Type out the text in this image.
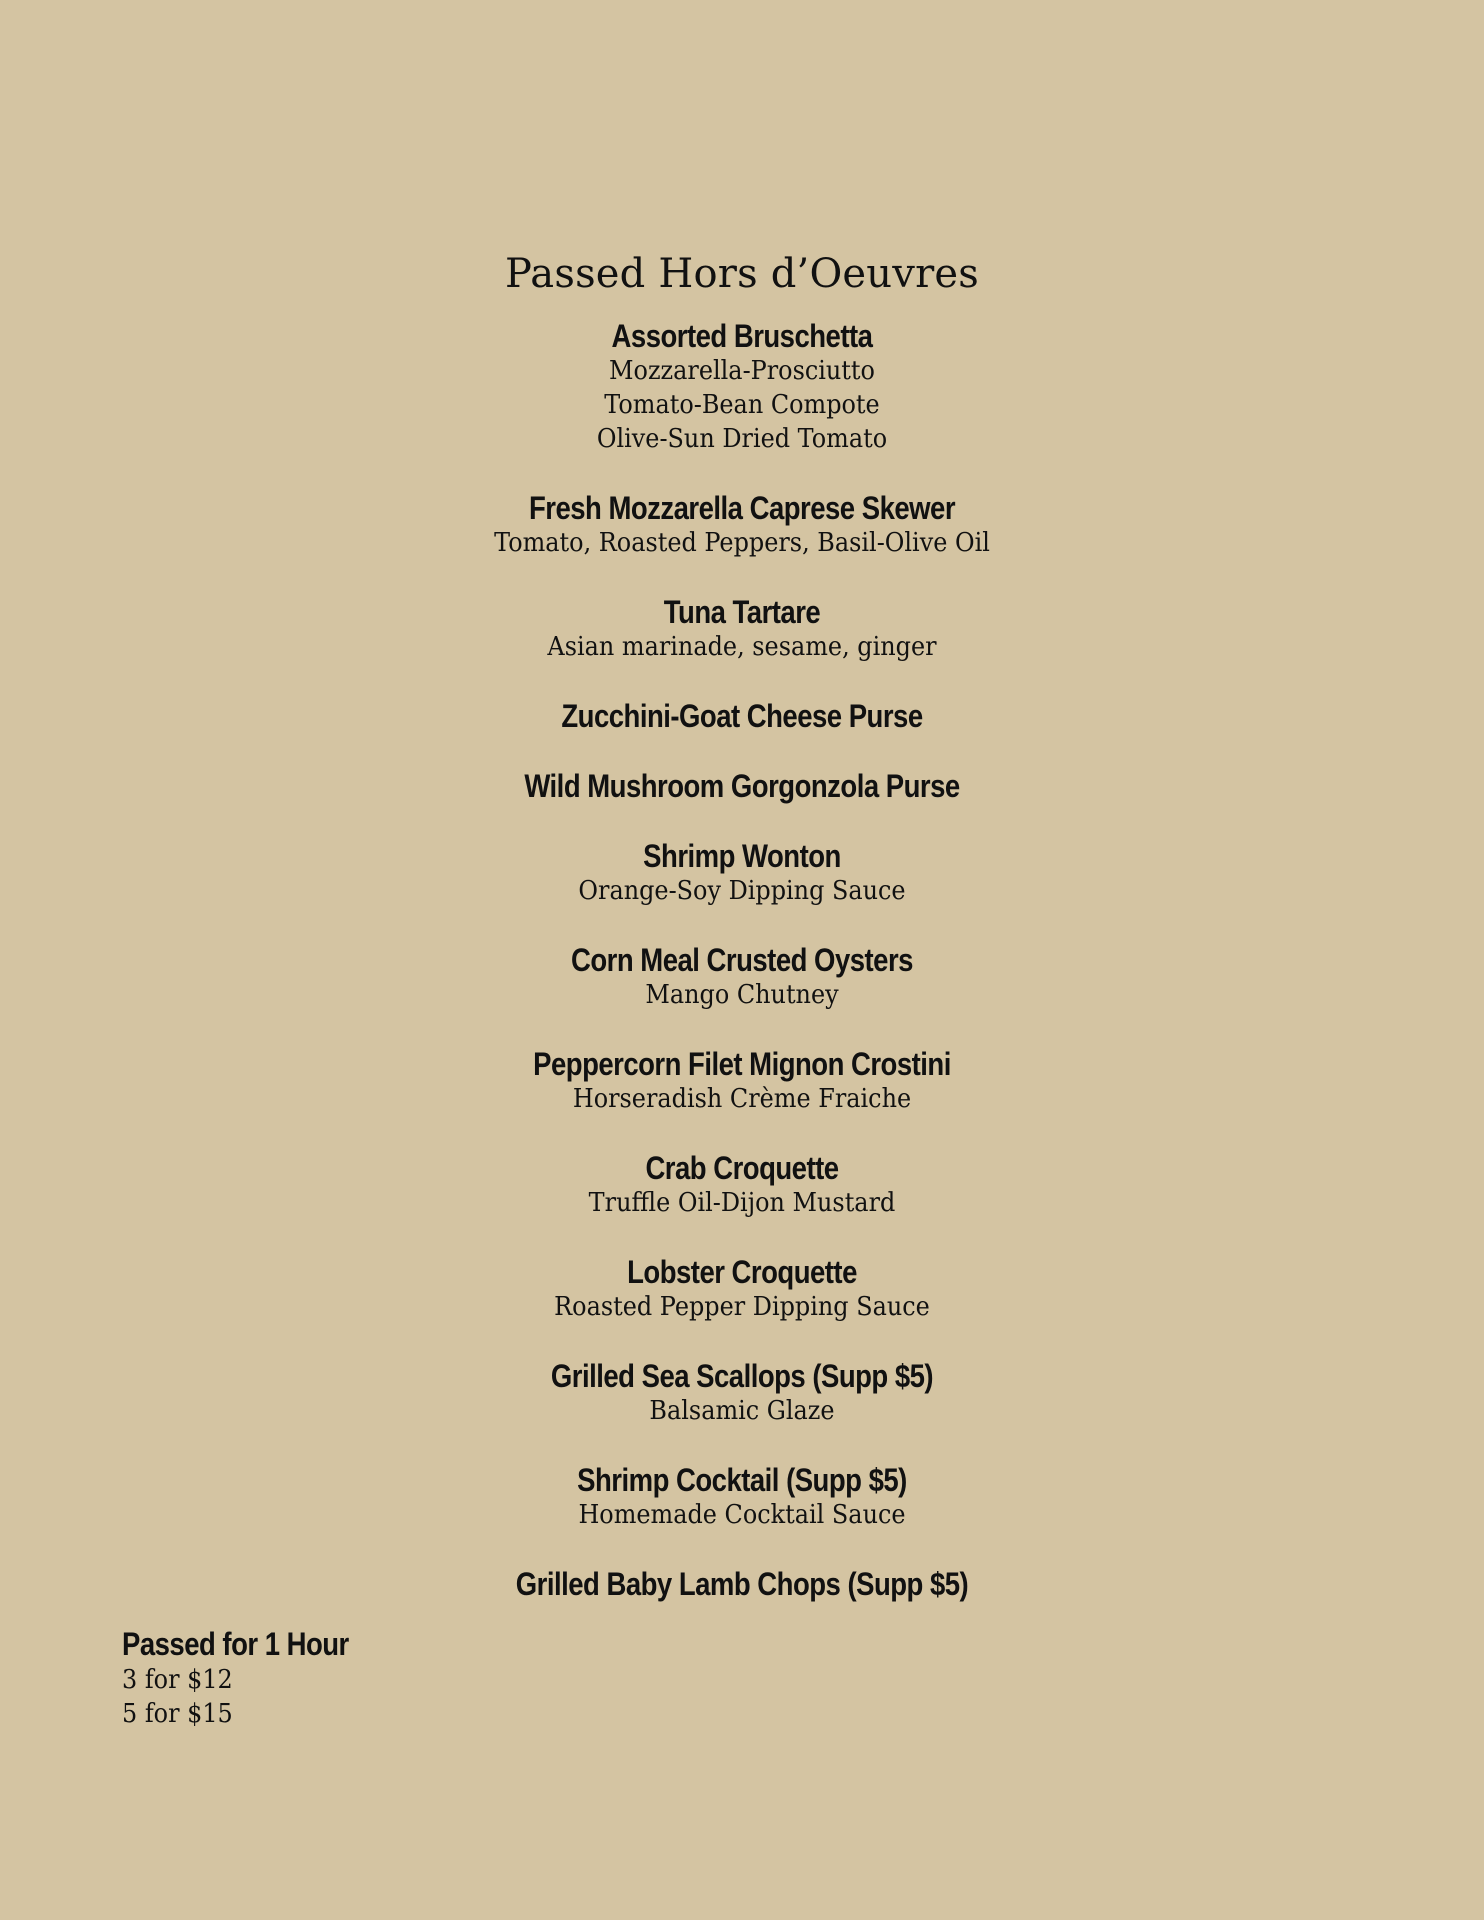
Passed Hors d’Oeuvres
Assorted Bruschetta
Mozzarella-Prosciutto
Tomato-Bean Compote
Olive-Sun Dried Tomato
Fresh Mozzarella Caprese Skewer
Tomato, Roasted Peppers, Basil-Olive Oil
Tuna Tartare
Asian marinade, sesame, ginger
Zucchini-Goat Cheese Purse
Wild Mushroom Gorgonzola Purse
Shrimp Wonton
Orange-Soy Dipping Sauce
Corn Meal Crusted Oysters
Mango Chutney
Peppercorn Filet Mignon Crostini
Horseradish Crème Fraiche
Crab Croquette
Truffle Oil-Dijon Mustard
Lobster Croquette
Roasted Pepper Dipping Sauce
Grilled Sea Scallops (Supp $5)
Balsamic Glaze
Shrimp Cocktail (Supp $5)
Homemade Cocktail Sauce
Grilled Baby Lamb Chops (Supp $5)
Passed for 1 Hour
3 for $12
5 for $15
